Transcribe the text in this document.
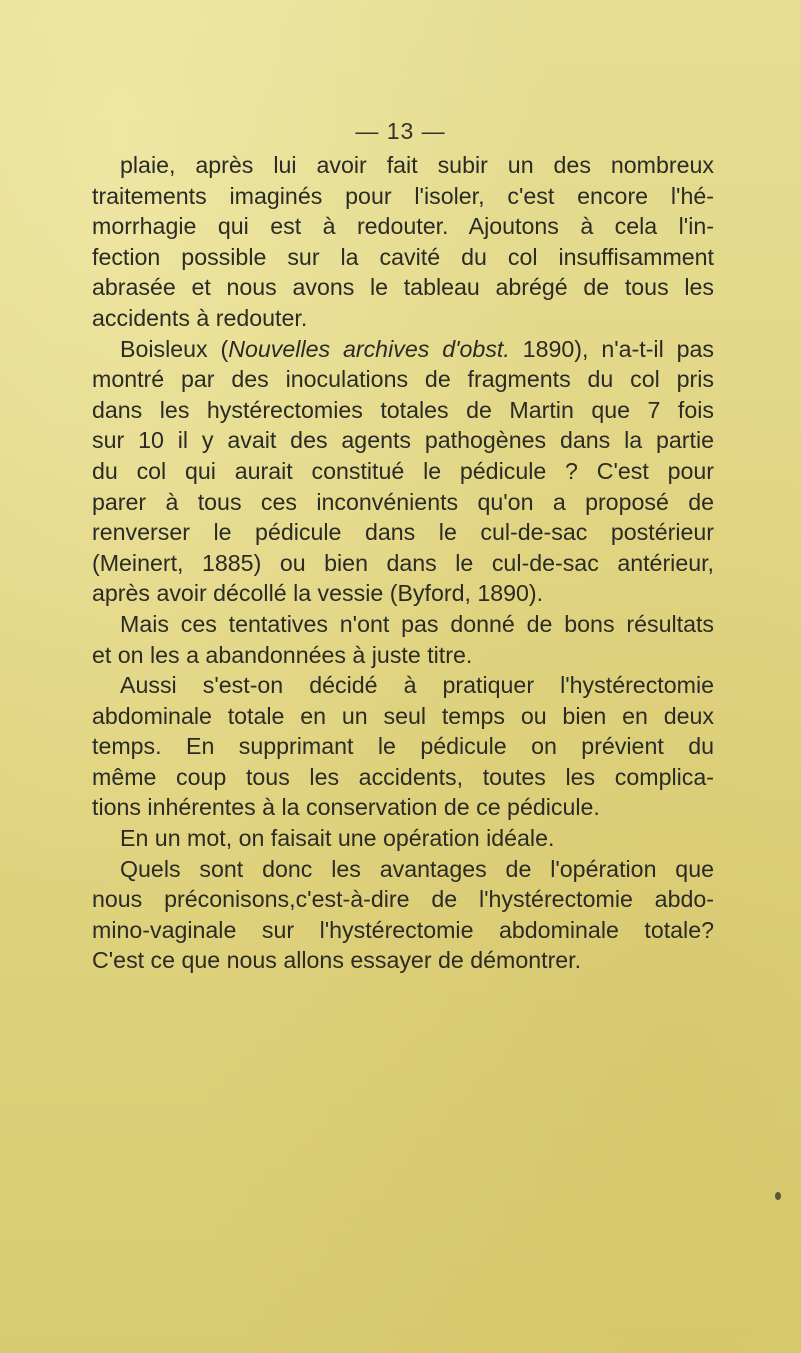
— 13 —
plaie, après lui avoir fait subir un des nombreux
traitements imaginés pour l'isoler, c'est encore l'hé-
morrhagie qui est à redouter. Ajoutons à cela l'in-
fection possible sur la cavité du col insuffisamment
abrasée et nous avons le tableau abrégé de tous les
accidents à redouter.
Boisleux (Nouvelles archives d'obst. 1890), n'a-t-il pas
montré par des inoculations de fragments du col pris
dans les hystérectomies totales de Martin que 7 fois
sur 10 il y avait des agents pathogènes dans la partie
du col qui aurait constitué le pédicule ? C'est pour
parer à tous ces inconvénients qu'on a proposé de
renverser le pédicule dans le cul-de-sac postérieur
(Meinert, 1885) ou bien dans le cul-de-sac antérieur,
après avoir décollé la vessie (Byford, 1890).
Mais ces tentatives n'ont pas donné de bons résultats
et on les a abandonnées à juste titre.
Aussi s'est-on décidé à pratiquer l'hystérectomie
abdominale totale en un seul temps ou bien en deux
temps. En supprimant le pédicule on prévient du
même coup tous les accidents, toutes les complica-
tions inhérentes à la conservation de ce pédicule.
En un mot, on faisait une opération idéale.
Quels sont donc les avantages de l'opération que
nous préconisons,c'est-à-dire de l'hystérectomie abdo-
mino-vaginale sur l'hystérectomie abdominale totale?
C'est ce que nous allons essayer de démontrer.
